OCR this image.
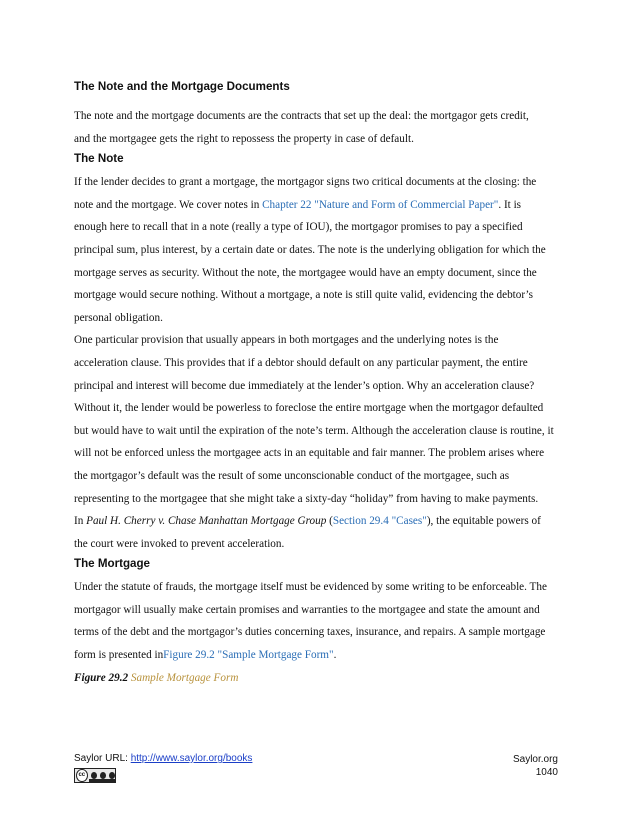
The Note and the Mortgage Documents

The note and the mortgage documents are the contracts that set up the deal: the mortgagor gets credit,

and the mortgagee gets the right to repossess the property in case of default.

The Note

If the lender decides to grant a mortgage, the mortgagor signs two critical documents at the closing: the note and the mortgage. We cover notes in Chapter 22 "Nature and Form of Commercial Paper". It is enough here to recall that in a note (really a type of IOU), the mortgagor promises to pay a specified principal sum, plus interest, by a certain date or dates. The note is the underlying obligation for which the mortgage serves as security. Without the note, the mortgagee would have an empty document, since the mortgage would secure nothing. Without a mortgage, a note is still quite valid, evidencing the debtor’s personal obligation.

One particular provision that usually appears in both mortgages and the underlying notes is the acceleration clause. This provides that if a debtor should default on any particular payment, the entire principal and interest will become due immediately at the lender’s option. Why an acceleration clause? Without it, the lender would be powerless to foreclose the entire mortgage when the mortgagor defaulted but would have to wait until the expiration of the note’s term. Although the acceleration clause is routine, it will not be enforced unless the mortgagee acts in an equitable and fair manner. The problem arises where the mortgagor’s default was the result of some unconscionable conduct of the mortgagee, such as representing to the mortgagee that she might take a sixty-day “holiday” from having to make payments.

In Paul H. Cherry v. Chase Manhattan Mortgage Group (Section 29.4 "Cases"), the equitable powers of the court were invoked to prevent acceleration.

The Mortgage

Under the statute of frauds, the mortgage itself must be evidenced by some writing to be enforceable. The mortgagor will usually make certain promises and warranties to the mortgagee and state the amount and terms of the debt and the mortgagor’s duties concerning taxes, insurance, and repairs. A sample mortgage form is presented inFigure 29.2 "Sample Mortgage Form".

Figure 29.2 Sample Mortgage Form

Saylor URL: http://www.saylor.org/books	Saylor.org
1040
cc
